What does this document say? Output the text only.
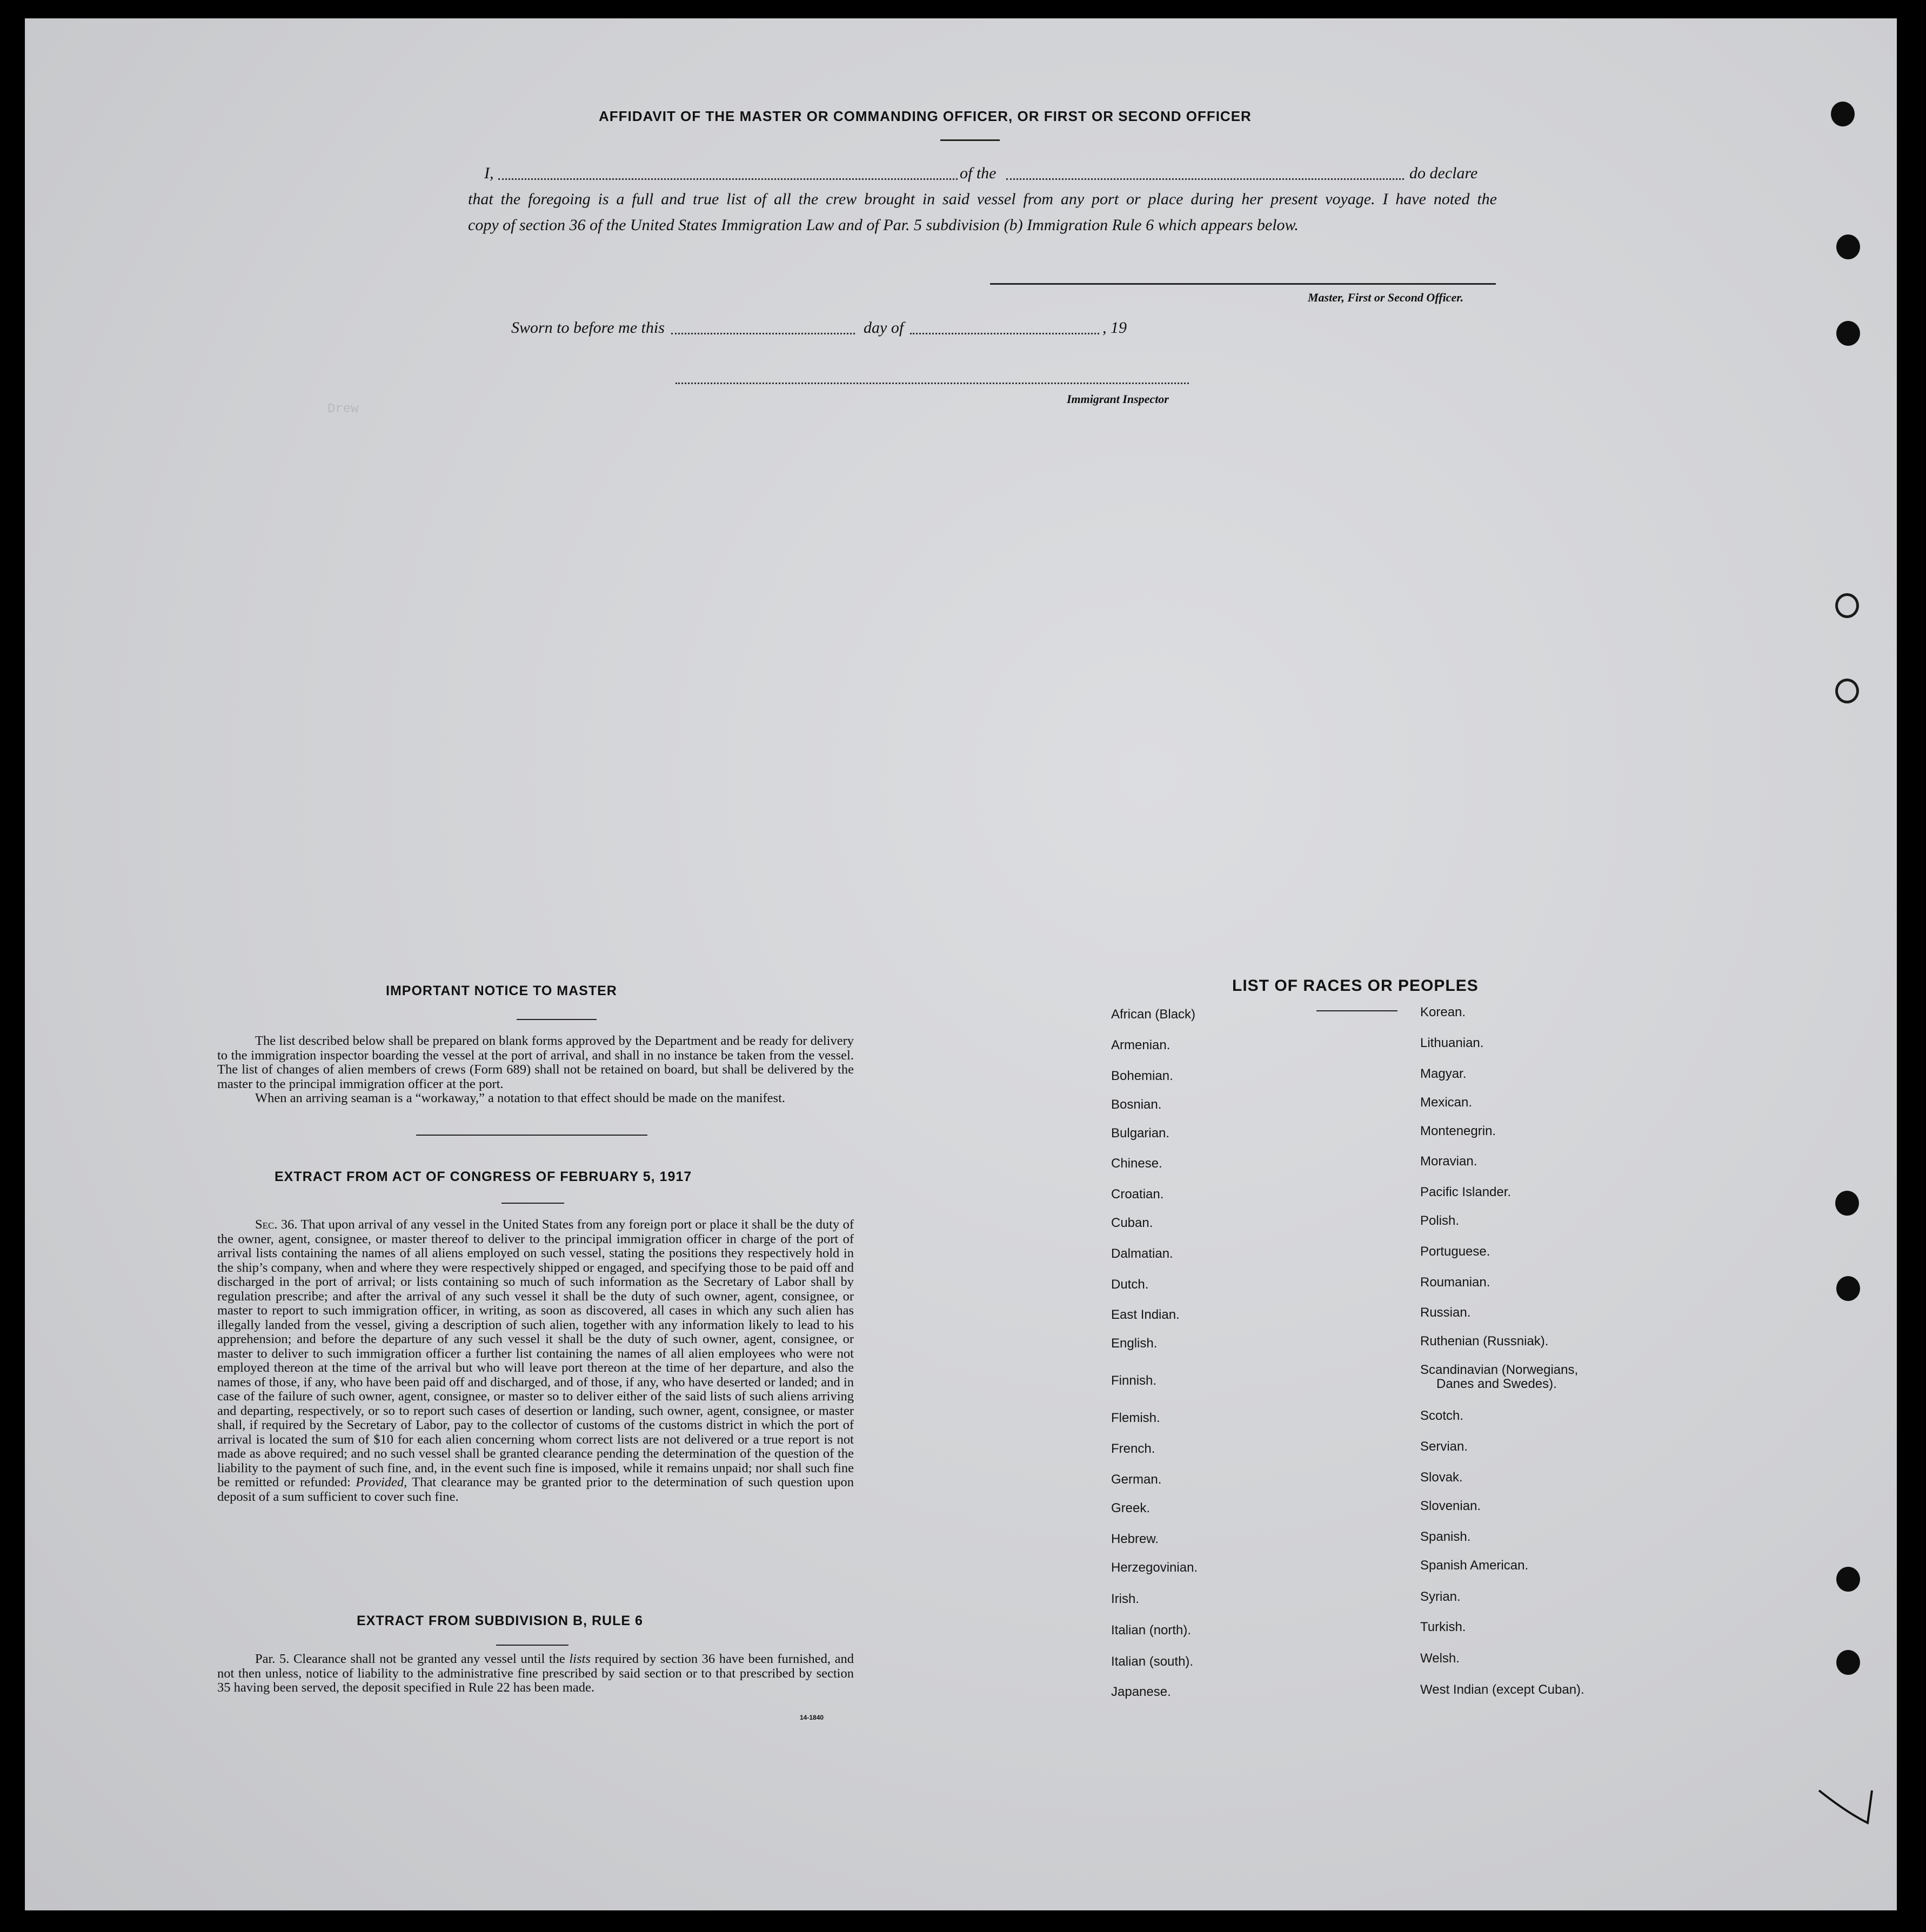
Drew
AFFIDAVIT OF THE MASTER OR COMMANDING OFFICER, OR FIRST OR SECOND OFFICER
I,	of the	do declare
that the foregoing is a full and true list of all the crew brought in said vessel from any port or place during her present voyage. I have noted the
copy of section 36 of the United States Immigration Law and of Par. 5 subdivision (b) Immigration Rule 6 which appears below.
Master, First or Second Officer.
Sworn to before me this	day of	, 19
Immigrant Inspector
IMPORTANT NOTICE TO MASTER

The list described below shall be prepared on blank forms approved by the Department and be ready for delivery to the immigration inspector boarding the vessel at the port of arrival, and shall in no instance be taken from the vessel. The list of changes of alien members of crews (Form 689) shall not be retained on board, but shall be delivered by the master to the principal immigration officer at the port.

When an arriving seaman is a “workaway,” a notation to that effect should be made on the manifest.

EXTRACT FROM ACT OF CONGRESS OF FEBRUARY 5, 1917

Sec. 36. That upon arrival of any vessel in the United States from any foreign port or place it shall be the duty of the owner, agent, consignee, or master thereof to deliver to the principal immigration officer in charge of the port of arrival lists containing the names of all aliens employed on such vessel, stating the positions they respectively hold in the ship’s company, when and where they were respectively shipped or engaged, and specifying those to be paid off and discharged in the port of arrival; or lists containing so much of such information as the Secretary of Labor shall by regulation prescribe; and after the arrival of any such vessel it shall be the duty of such owner, agent, consignee, or master to report to such immigration officer, in writing, as soon as discovered, all cases in which any such alien has illegally landed from the vessel, giving a description of such alien, together with any information likely to lead to his apprehension; and before the departure of any such vessel it shall be the duty of such owner, agent, consignee, or master to deliver to such immigration officer a further list containing the names of all alien employees who were not employed thereon at the time of the arrival but who will leave port thereon at the time of her departure, and also the names of those, if any, who have been paid off and discharged, and of those, if any, who have deserted or landed; and in case of the failure of such owner, agent, consignee, or master so to deliver either of the said lists of such aliens arriving and departing, respectively, or so to report such cases of desertion or landing, such owner, agent, consignee, or master shall, if required by the Secretary of Labor, pay to the collector of customs of the customs district in which the port of arrival is located the sum of $10 for each alien concerning whom correct lists are not delivered or a true report is not made as above required; and no such vessel shall be granted clearance pending the determination of the question of the liability to the payment of such fine, and, in the event such fine is imposed, while it remains unpaid; nor shall such fine be remitted or refunded: Provided, That clearance may be granted prior to the determination of such question upon deposit of a sum sufficient to cover such fine.

EXTRACT FROM SUBDIVISION B, RULE 6

Par. 5. Clearance shall not be granted any vessel until the lists required by section 36 have been furnished, and not then unless, notice of liability to the administrative fine prescribed by said section or to that prescribed by section 35 having been served, the deposit specified in Rule 22 has been made.

14-1840
LIST OF RACES OR PEOPLES
African (Black)
Armenian.
Bohemian.
Bosnian.
Bulgarian.
Chinese.
Croatian.
Cuban.
Dalmatian.
Dutch.
East Indian.
English.
Finnish.
Flemish.
French.
German.
Greek.
Hebrew.
Herzegovinian.
Irish.
Italian (north).
Italian (south).
Japanese.
Korean.
Lithuanian.
Magyar.
Mexican.
Montenegrin.
Moravian.
Pacific Islander.
Polish.
Portuguese.
Roumanian.
Russian.
Ruthenian (Russniak).
Scandinavian (Norwegians,
Danes and Swedes).
Scotch.
Servian.
Slovak.
Slovenian.
Spanish.
Spanish American.
Syrian.
Turkish.
Welsh.
West Indian (except Cuban).
